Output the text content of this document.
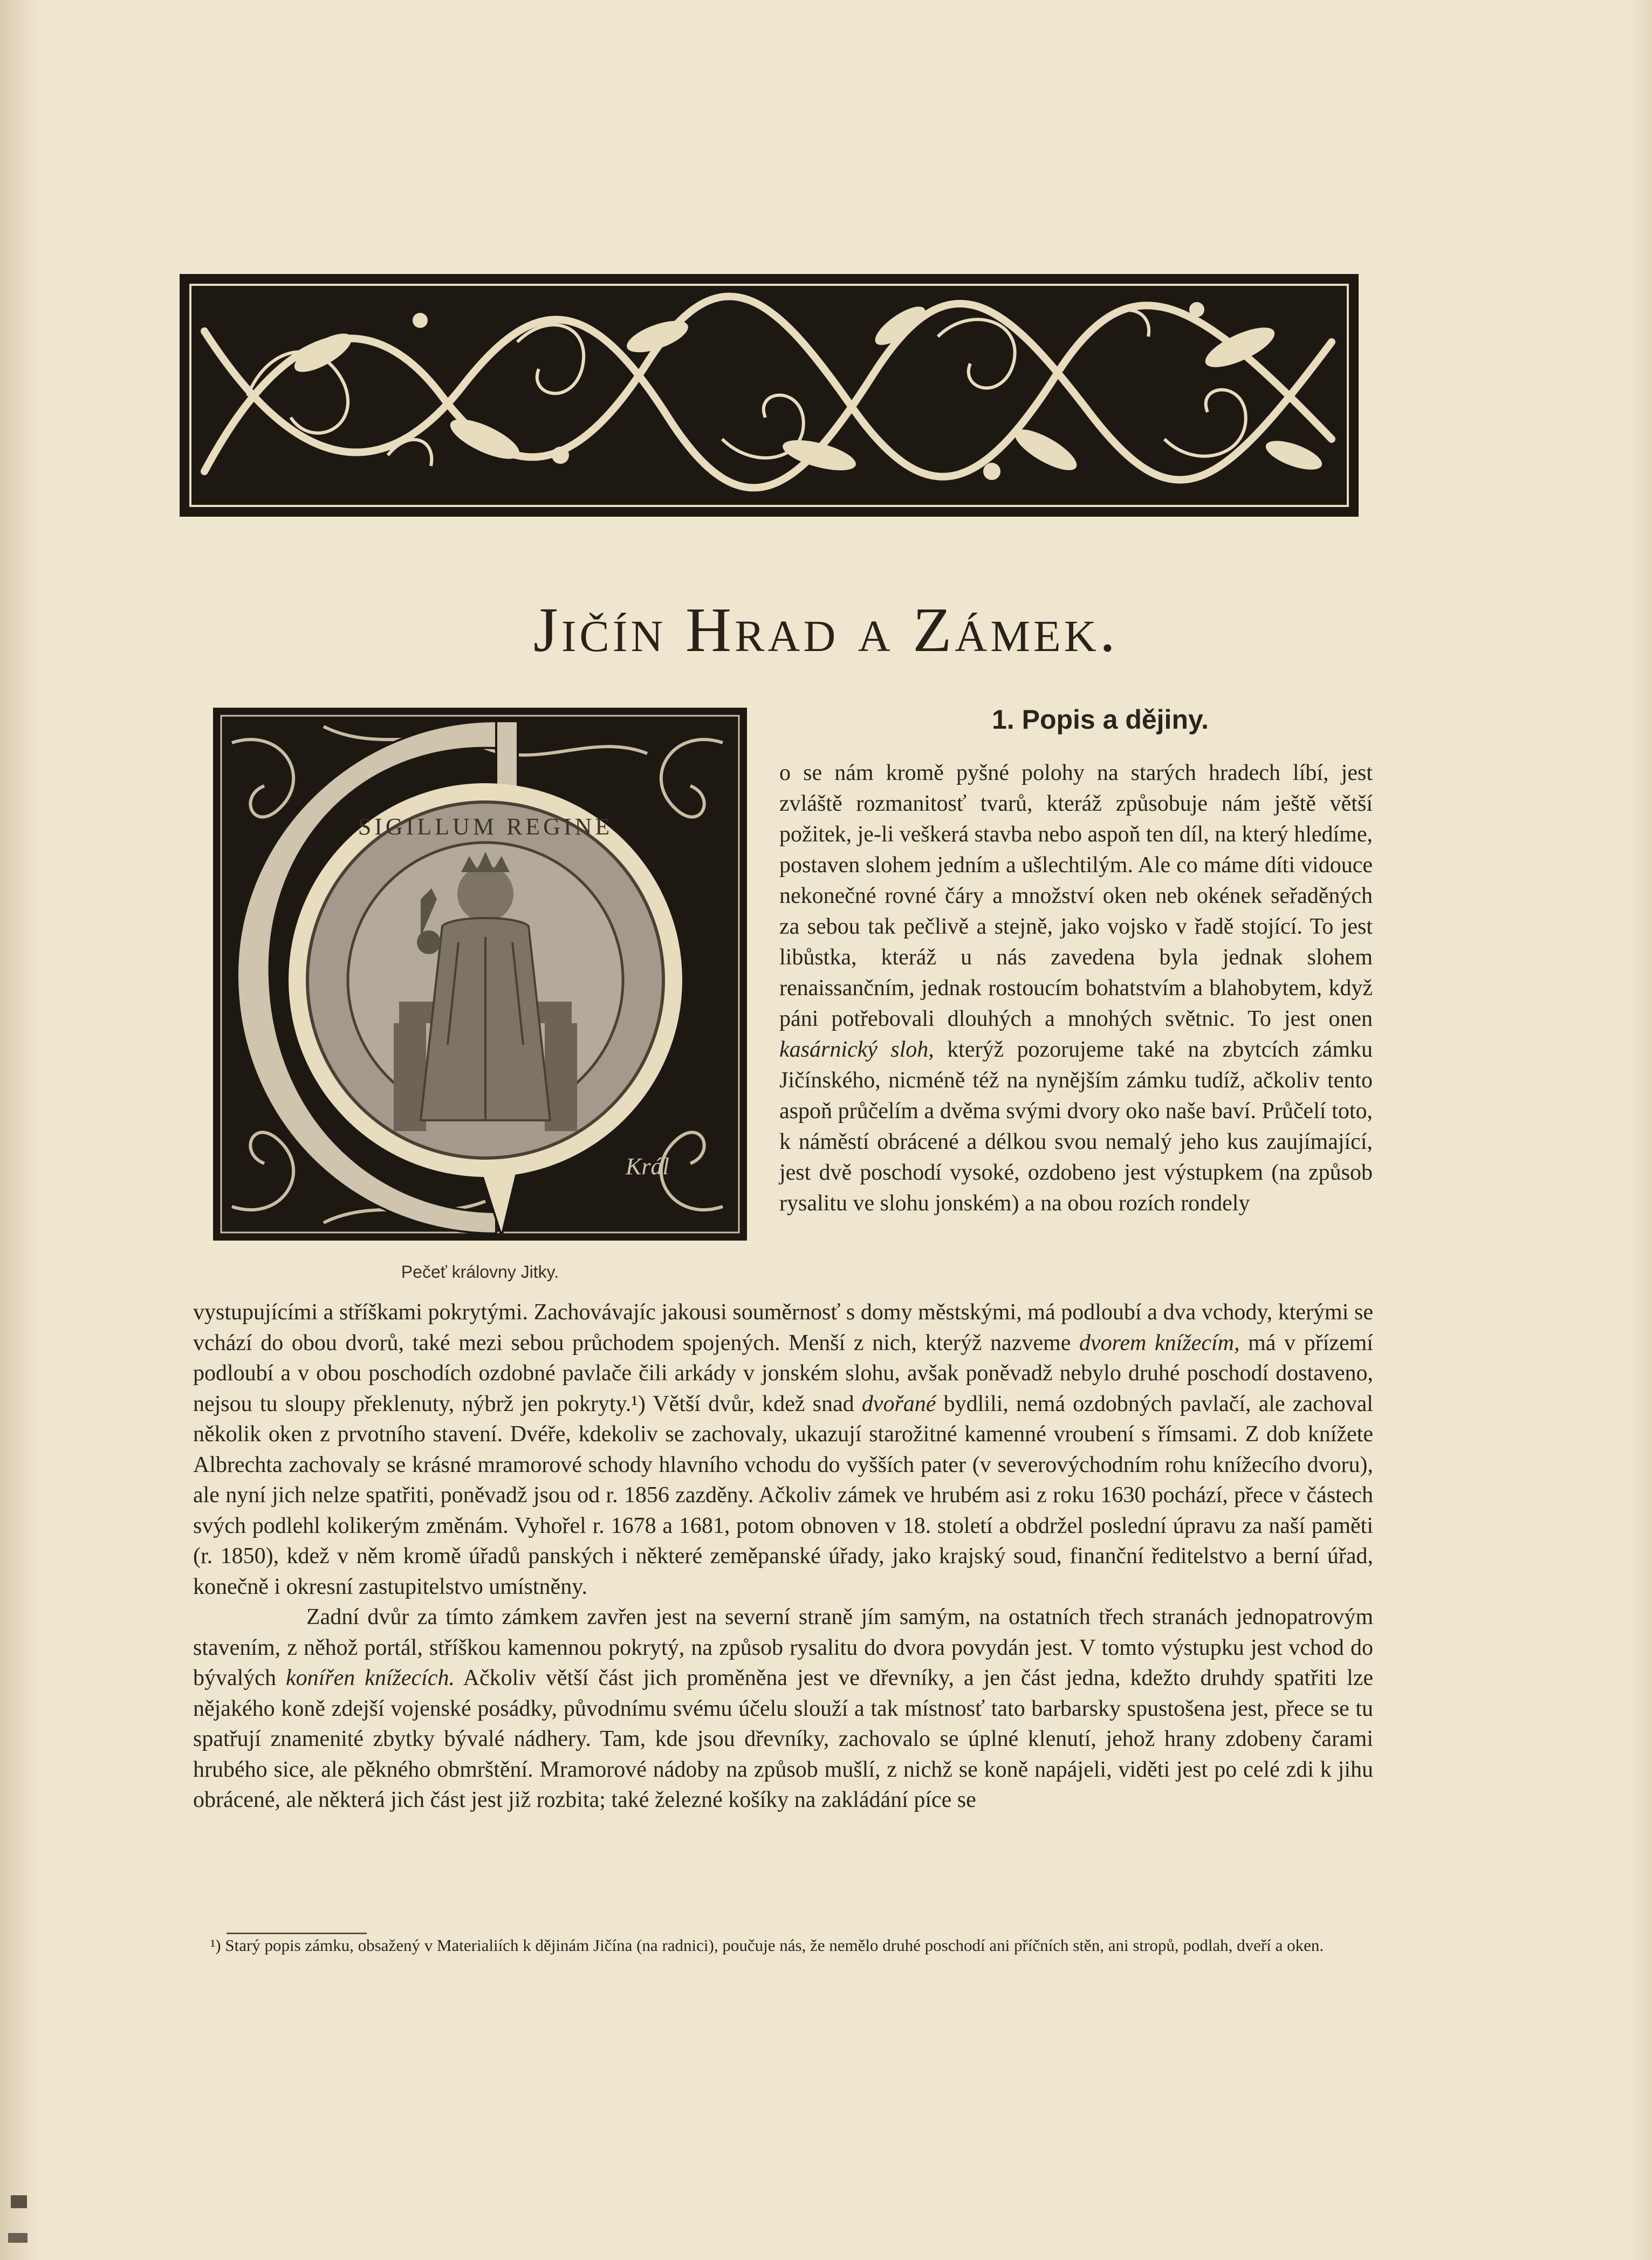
Jičín Hrad a Zámek.
SIGILLUM REGINE
Král
Pečeť královny Jitky.
1. Popis a dějiny.

o se nám kromě pyšné polohy na starých hradech líbí, jest zvláště rozmanitosť tvarů, kteráž způsobuje nám ještě větší požitek, je-li veškerá stavba nebo aspoň ten díl, na který hledíme, postaven slohem jedním a ušlechtilým. Ale co máme díti vidouce nekonečné rovné čáry a množství oken neb okének seřaděných za sebou tak pečlivě a stejně, jako vojsko v řadě stojící. To jest libůstka, kteráž u nás zavedena byla jednak slohem renaissančním, jednak rostoucím bohatstvím a blahobytem, když páni potřebovali dlouhých a mnohých světnic. To jest onen kasárnický sloh, kterýž pozorujeme také na zbytcích zámku Jičínského, nicméně též na nynějším zámku tudíž, ačkoliv tento aspoň průčelím a dvěma svými dvory oko naše baví. Průčelí toto, k náměstí obrácené a délkou svou nemalý jeho kus zaujímající, jest dvě poschodí vysoké, ozdobeno jest výstupkem (na způsob rysalitu ve slohu jonském) a na obou rozích rondely

vystupujícími a stříškami pokrytými. Zachovávajíc jakousi souměrnosť s domy městskými, má podloubí a dva vchody, kterými se vchází do obou dvorů, také mezi sebou průchodem spojených. Menší z nich, kterýž nazveme dvorem knížecím, má v přízemí podloubí a v obou poschodích ozdobné pavlače čili arkády v jonském slohu, avšak poněvadž nebylo druhé poschodí dostaveno, nejsou tu sloupy překlenuty, nýbrž jen pokryty.¹) Větší dvůr, kdež snad dvořané bydlili, nemá ozdobných pavlačí, ale zachoval několik oken z prvotního stavení. Dvéře, kdekoliv se zachovaly, ukazují starožitné kamenné vroubení s římsami. Z dob knížete Albrechta zachovaly se krásné mramorové schody hlavního vchodu do vyšších pater (v severovýchodním rohu knížecího dvoru), ale nyní jich nelze spatřiti, poněvadž jsou od r. 1856 zazděny. Ačkoliv zámek ve hrubém asi z roku 1630 pochází, přece v částech svých podlehl kolikerým změnám. Vyhořel r. 1678 a 1681, potom obnoven v 18. století a obdržel poslední úpravu za naší paměti (r. 1850), kdež v něm kromě úřadů panských i některé zeměpanské úřady, jako krajský soud, finanční ředitelstvo a berní úřad, konečně i okresní zastupitelstvo umístněny.

Zadní dvůr za tímto zámkem zavřen jest na severní straně jím samým, na ostatních třech stranách jednopatrovým stavením, z něhož portál, stříškou kamennou pokrytý, na způsob rysalitu do dvora povydán jest. V tomto výstupku jest vchod do bývalých konířen knížecích. Ačkoliv větší část jich proměněna jest ve dřevníky, a jen část jedna, kdežto druhdy spatřiti lze nějakého koně zdejší vojenské posádky, původnímu svému účelu slouží a tak místnosť tato barbarsky spustošena jest, přece se tu spatřují znamenité zbytky bývalé nádhery. Tam, kde jsou dřevníky, zachovalo se úplné klenutí, jehož hrany zdobeny čarami hrubého sice, ale pěkného obmrštění. Mramorové nádoby na způsob mušlí, z nichž se koně napájeli, viděti jest po celé zdi k jihu obrácené, ale některá jich část jest již rozbita; také železné košíky na zakládání píce se

¹) Starý popis zámku, obsažený v Materialiích k dějinám Jičína (na radnici), poučuje nás, že nemělo druhé poschodí ani příčních stěn, ani stropů, podlah, dveří a oken.
